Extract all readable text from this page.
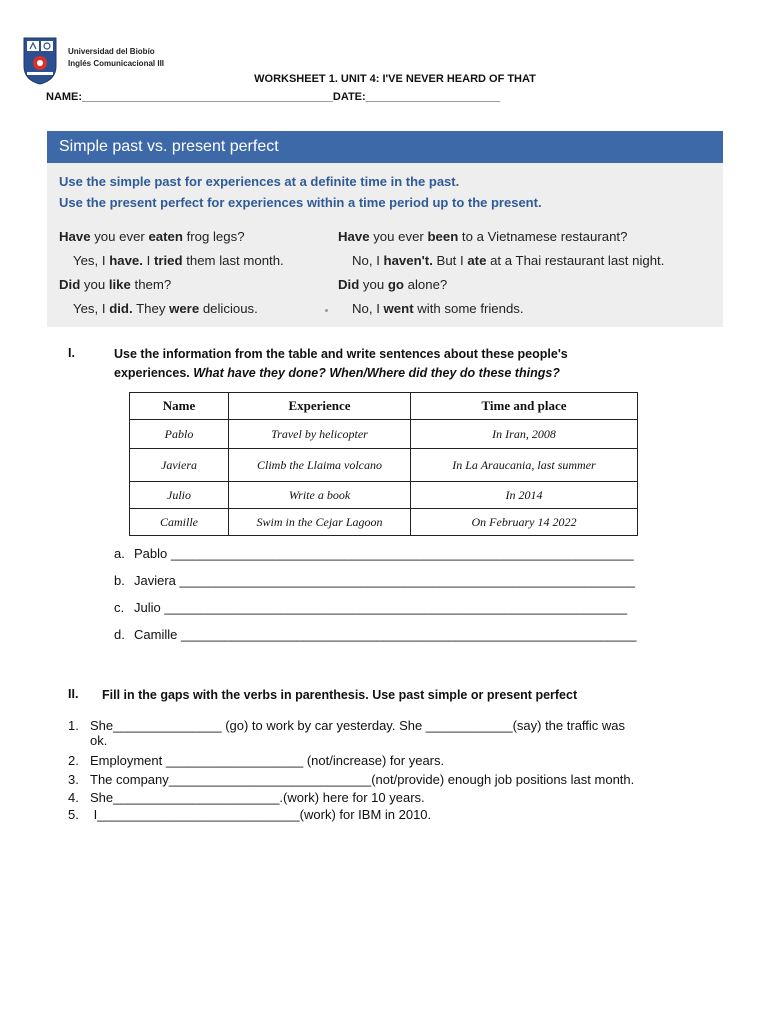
Universidad del Biobío
Inglés Comunicacional III
WORKSHEET 1. UNIT 4: I'VE NEVER HEARD OF THAT
NAME:_________________________________________DATE:______________________
Simple past vs. present perfect
Use the simple past for experiences at a definite time in the past.
Use the present perfect for experiences within a time period up to the present.
Have you ever eaten frog legs?
Yes, I have. I tried them last month.
Did you like them?
Yes, I did. They were delicious.
Have you ever been to a Vietnamese restaurant?
No, I haven't. But I ate at a Thai restaurant last night.
Did you go alone?
No, I went with some friends.
I.	Use the information from the table and write sentences about these people's
experiences. What have they done? When/Where did they do these things?
Name	Experience	Time and place
Pablo	Travel by helicopter	In Iran, 2008
Javiera	Climb the Llaima volcano	In La Araucania, last summer
Julio	Write a book	In 2014
Camille	Swim in the Cejar Lagoon	On February 14 2022
a. Pablo ________________________________________________________________
b. Javiera _______________________________________________________________
c. Julio ________________________________________________________________
d. Camille _______________________________________________________________
II. Fill in the gaps with the verbs in parenthesis. Use past simple or present perfect
1. She_______________ (go) to work by car yesterday. She ____________(say) the traffic was
ok.
2. Employment ___________________ (not/increase) for years.
3. The company____________________________(not/provide) enough job positions last month.
4. She_______________________.(work) here for 10 years.
5. I____________________________(work) for IBM in 2010.
